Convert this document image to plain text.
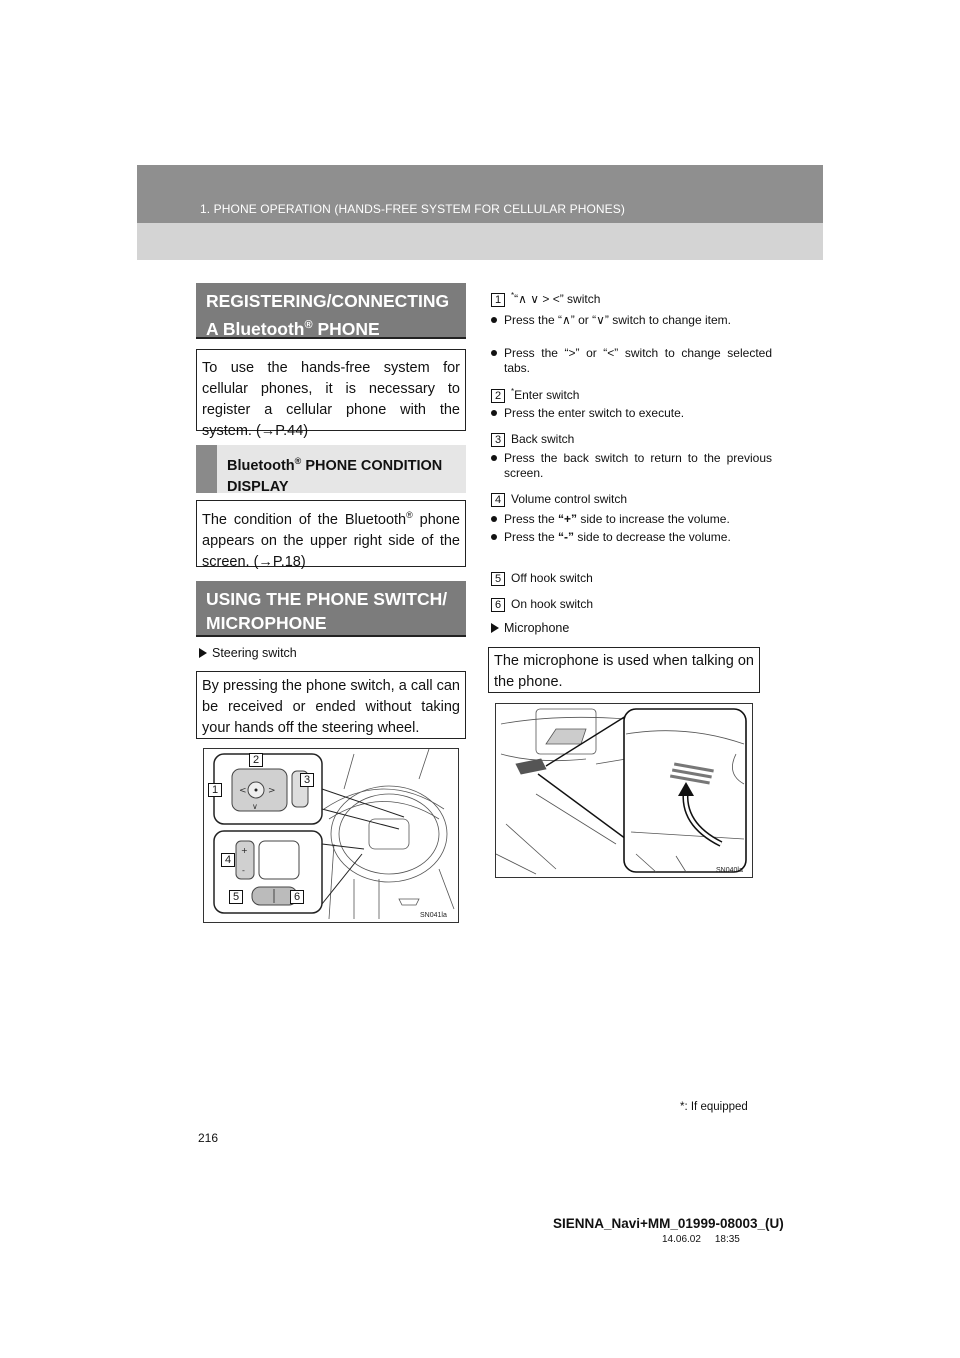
1. PHONE OPERATION (HANDS-FREE SYSTEM FOR CELLULAR PHONES)
REGISTERING/CONNECTING
A Bluetooth® PHONE
To use the hands-free system for cellular phones, it is necessary to register a cellular phone with the system. (→P.44)
Bluetooth® PHONE CONDITION DISPLAY
The condition of the Bluetooth® phone appears on the upper right side of the screen. (→P.18)
USING THE PHONE SWITCH/
MICROPHONE
Steering switch
By pressing the phone switch, a call can be received or ended without taking your hands off the steering wheel.
< >
∨
+
-
1
2
3
4
5	6
SN041la
1 *“∧ ∨ > <” switch
Press the “∧” or “∨” switch to change item.
Press the “>” or “<” switch to change selected tabs.
2 *Enter switch
Press the enter switch to execute.
3 Back switch
Press the back switch to return to the previous screen.
4 Volume control switch
Press the “+” side to increase the volume.
Press the “-” side to decrease the volume.
5 Off hook switch
6 On hook switch
Microphone
The microphone is used when talking on the phone.
SN040la
*: If equipped
216
SIENNA_Navi+MM_01999-08003_(U)
14.06.02     18:35
